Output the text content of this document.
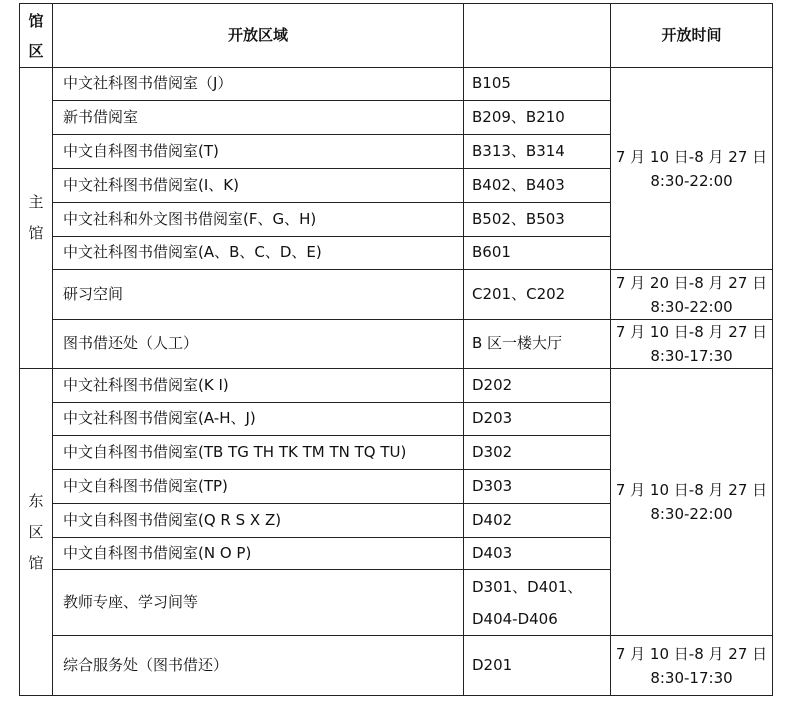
馆
区	开放区域		开放时间

主
馆	中文社科图书借阅室（J）	B105	7 月 10 日-8 月 27 日
8:30-22:00

	新书借阅室	B209、B210	
	中文自科图书借阅室(T)	B313、B314	
	中文社科图书借阅室(I、K)	B402、B403	
	中文社科和外文图书借阅室(F、G、H)	B502、B503	
	中文社科图书借阅室(A、B、C、D、E)	B601	
	研习空间	C201、C202	7 月 20 日-8 月 27 日
8:30-22:00

	图书借还处（人工）	B 区一楼大厅	7 月 10 日-8 月 27 日
8:30-17:30

东
区
馆	中文社科图书借阅室(K I)	D202	7 月 10 日-8 月 27 日
8:30-22:00

	中文社科图书借阅室(A-H、J)	D203	
	中文自科图书借阅室(TB TG TH TK TM TN TQ TU)	D302	
	中文自科图书借阅室(TP)	D303	
	中文自科图书借阅室(Q R S X Z)	D402	
	中文自科图书借阅室(N O P)	D403	
	教师专座、学习间等	D301、D401、
D404-D406	

	综合服务处（图书借还）	D201	7 月 10 日-8 月 27 日
8:30-17:30
